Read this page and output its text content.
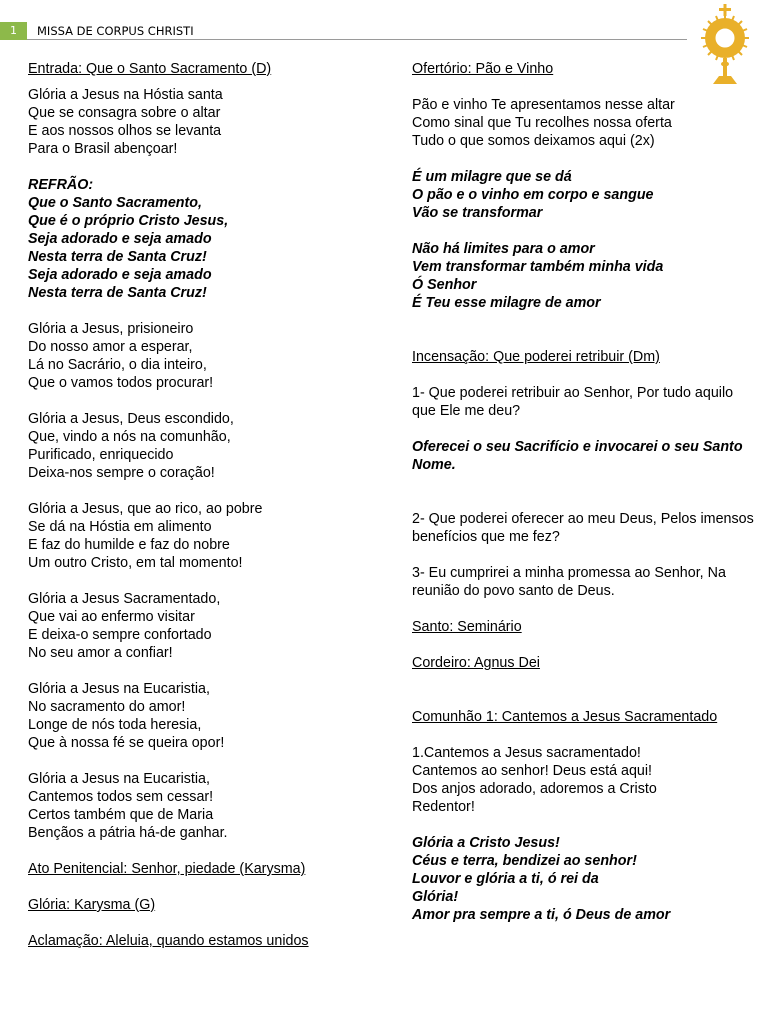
1	MISSA DE CORPUS CHRISTI
Entrada: Que o Santo Sacramento (D)
Glória a Jesus na Hóstia santa
Que se consagra sobre o altar
E aos nossos olhos se levanta
Para o Brasil abençoar!
REFRÃO:
Que o Santo Sacramento,
Que é o próprio Cristo Jesus,
Seja adorado e seja amado
Nesta terra de Santa Cruz!
Seja adorado e seja amado
Nesta terra de Santa Cruz!
Glória a Jesus, prisioneiro
Do nosso amor a esperar,
Lá no Sacrário, o dia inteiro,
Que o vamos todos procurar!
Glória a Jesus, Deus escondido,
Que, vindo a nós na comunhão,
Purificado, enriquecido
Deixa-nos sempre o coração!
Glória a Jesus, que ao rico, ao pobre
Se dá na Hóstia em alimento
E faz do humilde e faz do nobre
Um outro Cristo, em tal momento!
Glória a Jesus Sacramentado,
Que vai ao enfermo visitar
E deixa-o sempre confortado
No seu amor a confiar!
Glória a Jesus na Eucaristia,
No sacramento do amor!
Longe de nós toda heresia,
Que à nossa fé se queira opor!
Glória a Jesus na Eucaristia,
Cantemos todos sem cessar!
Certos também que de Maria
Bençãos a pátria há-de ganhar.
Ato Penitencial: Senhor, piedade (Karysma)
Glória: Karysma (G)
Aclamação: Aleluia, quando estamos unidos
Ofertório: Pão e Vinho
Pão e vinho Te apresentamos nesse altar
Como sinal que Tu recolhes nossa oferta
Tudo o que somos deixamos aqui (2x)
É um milagre que se dá
O pão e o vinho em corpo e sangue
Vão se transformar
Não há limites para o amor
Vem transformar também minha vida
Ó Senhor
É Teu esse milagre de amor
Incensação: Que poderei retribuir (Dm)
1- Que poderei retribuir ao Senhor, Por tudo aquilo que Ele me deu?
Oferecei o seu Sacrifício e invocarei o seu Santo Nome.
2- Que poderei oferecer ao meu Deus, Pelos imensos benefícios que me fez?
3- Eu cumprirei a minha promessa ao Senhor, Na reunião do povo santo de Deus.
Santo: Seminário
Cordeiro: Agnus Dei
Comunhão 1: Cantemos a Jesus Sacramentado
1.Cantemos a Jesus sacramentado!
Cantemos ao senhor! Deus está aqui!
Dos anjos adorado, adoremos a Cristo
Redentor!
Glória a Cristo Jesus!
Céus e terra, bendizei ao senhor!
Louvor e glória a ti, ó rei da
Glória!
Amor pra sempre a ti, ó Deus de amor
